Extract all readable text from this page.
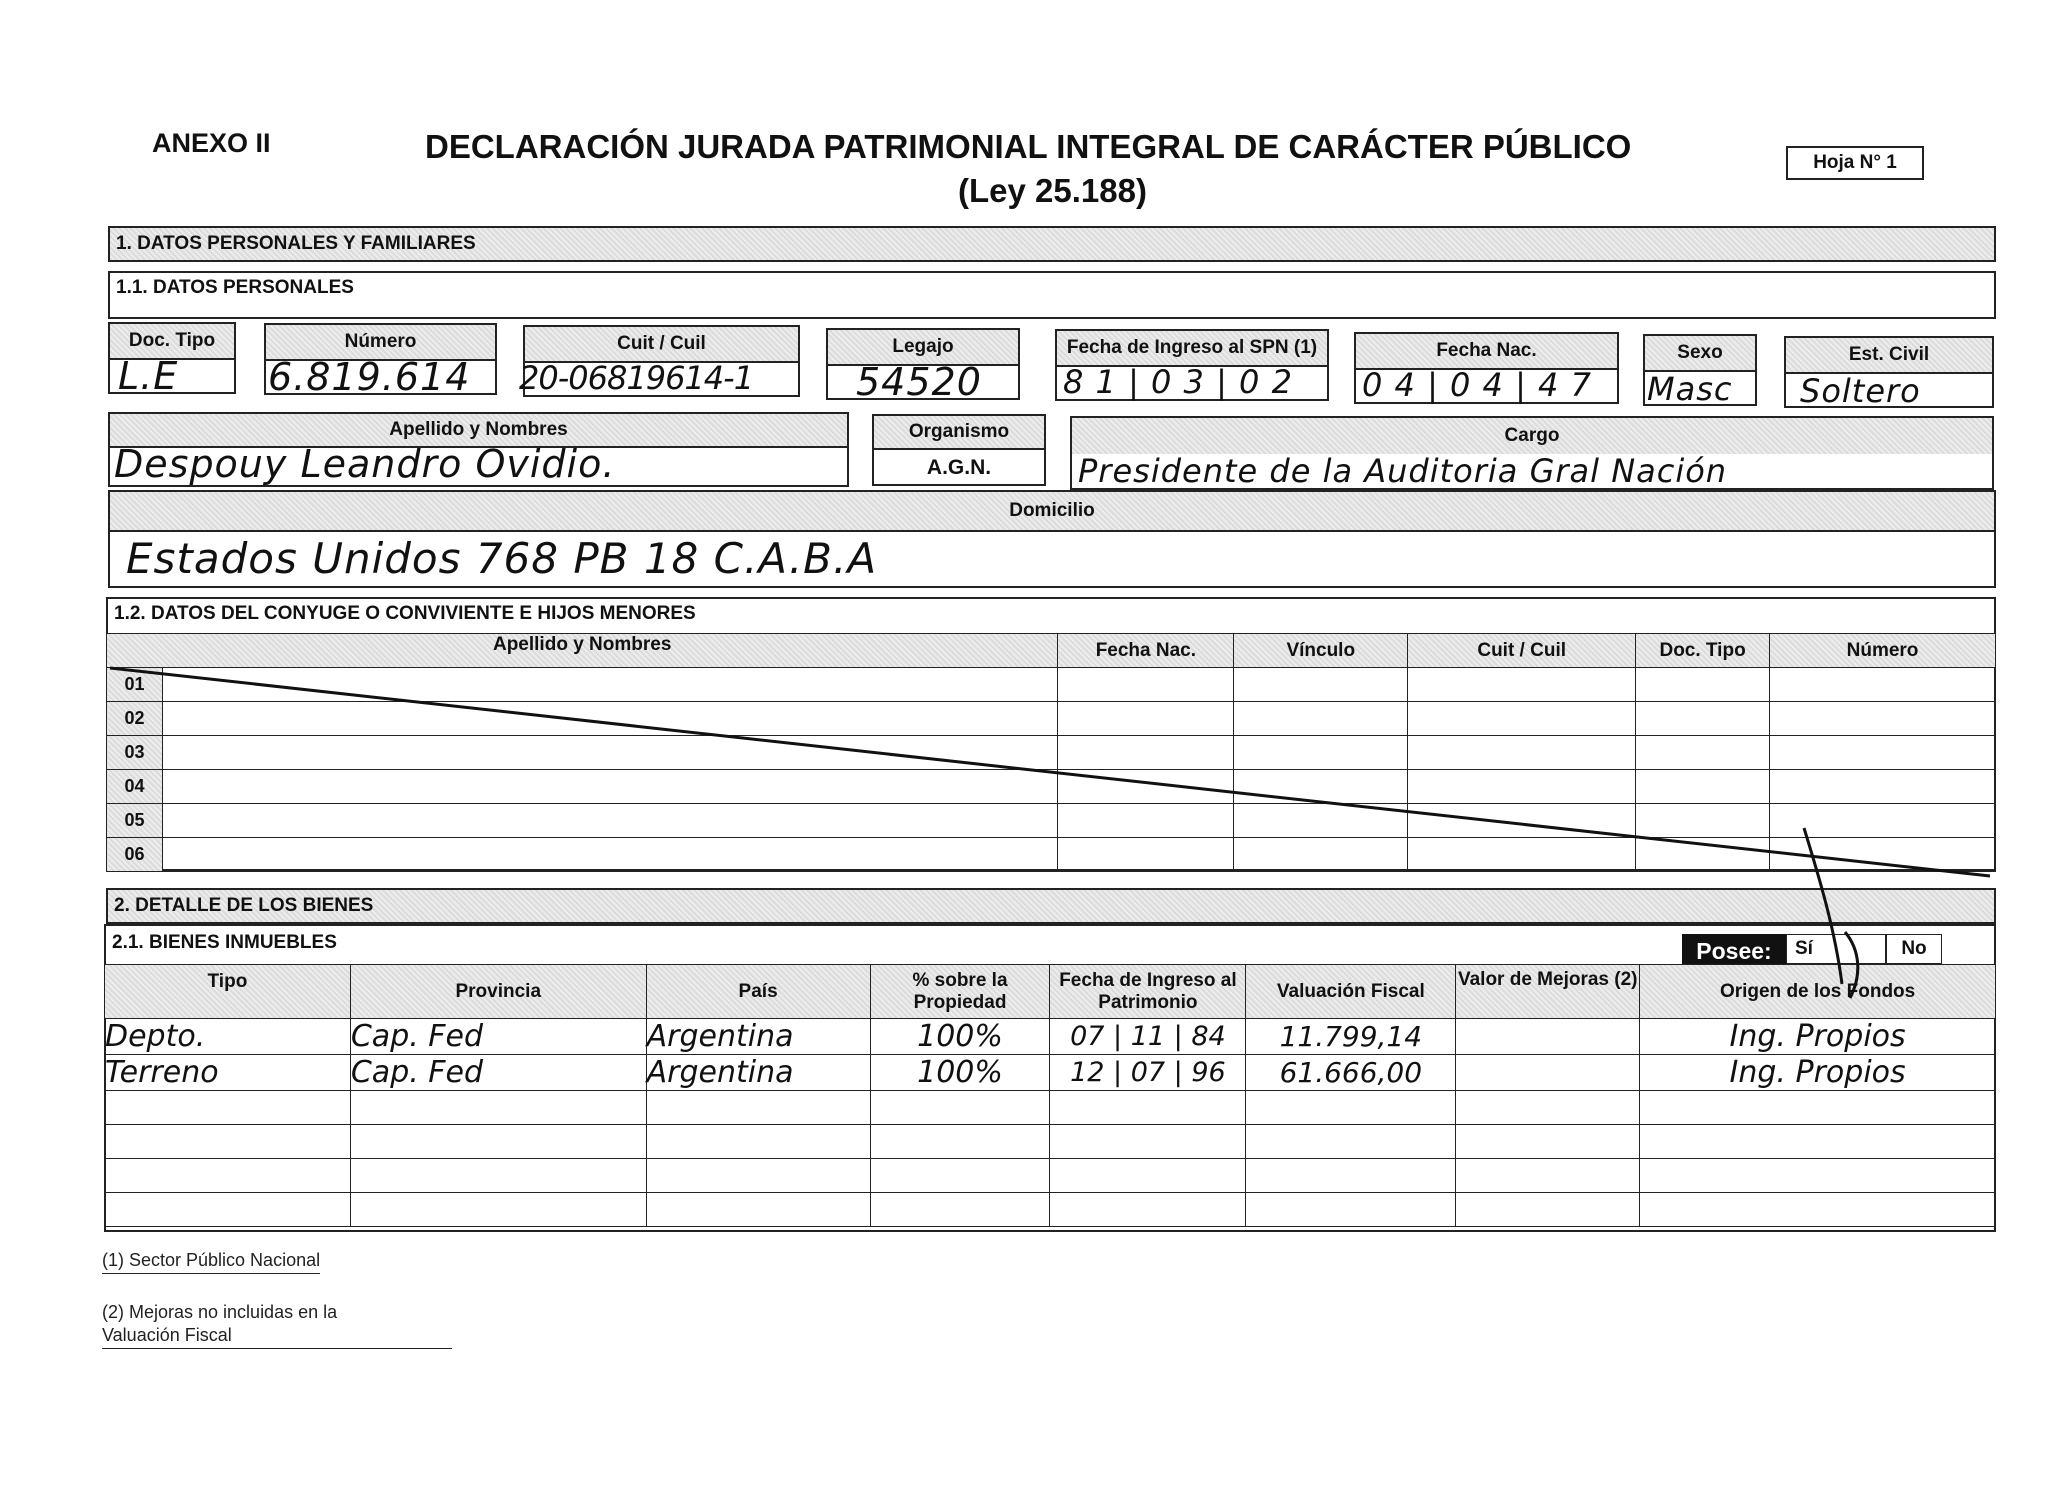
ANEXO II	DECLARACIÓN JURADA PATRIMONIAL INTEGRAL DE CARÁCTER PÚBLICO
(Ley 25.188)
Hoja N° 1
1. DATOS PERSONALES Y FAMILIARES
1.1. DATOS PERSONALES
Doc. Tipo
L.E
Número
6.819.614
Cuit / Cuil
20-06819614-1
Legajo
54520
Fecha de Ingreso al SPN (1)
8 1 | 0 3 | 0 2
Fecha Nac.
0 4 | 0 4 | 4 7
Sexo
Masc
Est. Civil
Soltero
Apellido y Nombres
Despouy Leandro Ovidio.
Organismo
A.G.N.
Cargo
Presidente de la Auditoria Gral Nación
Domicilio
Estados Unidos 768 PB 18 C.A.B.A
1.2. DATOS DEL CONYUGE O CONVIVIENTE E HIJOS MENORES
Apellido y Nombres		Fecha Nac.	Vínculo	Cuit / Cuil	Doc. Tipo	Número
01						
02						
03						
04						
05						
06						
2. DETALLE DE LOS BIENES
2.1. BIENES INMUEBLES	Posee:	Sí	No
Tipo	Provincia	País	% sobre la Propiedad	Fecha de Ingreso al Patrimonio	Valuación Fiscal	Valor de Mejoras (2)	Origen de los Fondos
Depto.	Cap. Fed	Argentina	100%	07 | 11 | 84	11.799,14		Ing. Propios
Terreno	Cap. Fed	Argentina	100%	12 | 07 | 96	61.666,00		Ing. Propios

(1) Sector Público Nacional
(2) Mejoras no incluidas en la
Valuación Fiscal
